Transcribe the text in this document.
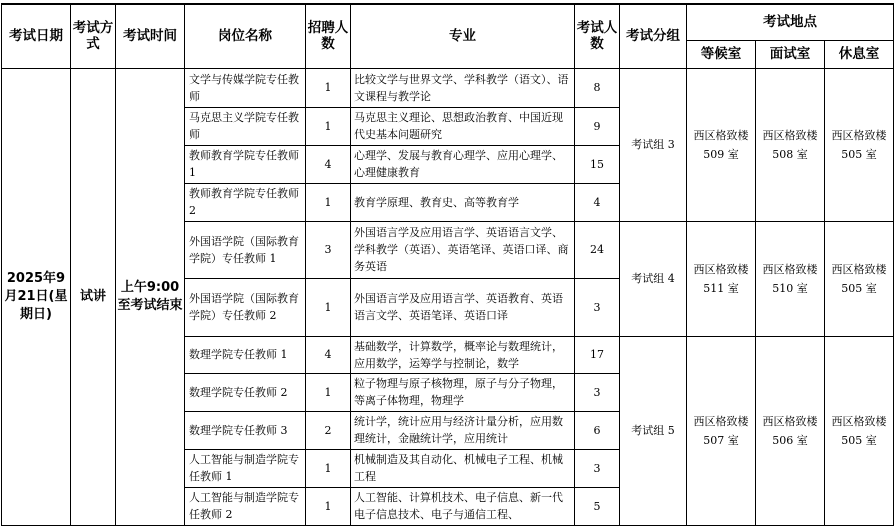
考试日期	考试方式	考试时间	岗位名称	招聘人数	专业	考试人数	考试分组	考试地点		
								等候室	面试室	休息室
2025年9月21日(星期日)	试讲	上午9:00至考试结束	文学与传媒学院专任教师	1	比较文学与世界文学、学科教学（语文）、语文课程与教学论	8	考试组 3	西区格致楼 509 室	西区格致楼 508 室	西区格致楼 505 室
			马克思主义学院专任教师	1	马克思主义理论、思想政治教育、中国近现代史基本问题研究	9				
			教师教育学院专任教师 1	4	心理学、发展与教育心理学、应用心理学、心理健康教育	15				
			教师教育学院专任教师 2	1	教育学原理、教育史、高等教育学	4				
			外国语学院（国际教育学院）专任教师 1	3	外国语言学及应用语言学、英语语言文学、学科教学（英语）、英语笔译、英语口译、商务英语	24	考试组 4	西区格致楼 511 室	西区格致楼 510 室	西区格致楼 505 室
			外国语学院（国际教育学院）专任教师 2	1	外国语言学及应用语言学、英语教育、英语语言文学、英语笔译、英语口译	3				
			数理学院专任教师 1	4	基础数学，计算数学，概率论与数理统计，应用数学，运筹学与控制论，数学	17	考试组 5	西区格致楼 507 室	西区格致楼 506 室	西区格致楼 505 室
			数理学院专任教师 2	1	粒子物理与原子核物理，原子与分子物理，等离子体物理，物理学	3				
			数理学院专任教师 3	2	统计学，统计应用与经济计量分析，应用数理统计，金融统计学，应用统计	6				
			人工智能与制造学院专任教师 1	1	机械制造及其自动化、机械电子工程、机械工程	3				
			人工智能与制造学院专任教师 2	1	人工智能、计算机技术、电子信息、新一代电子信息技术、电子与通信工程、	5				
